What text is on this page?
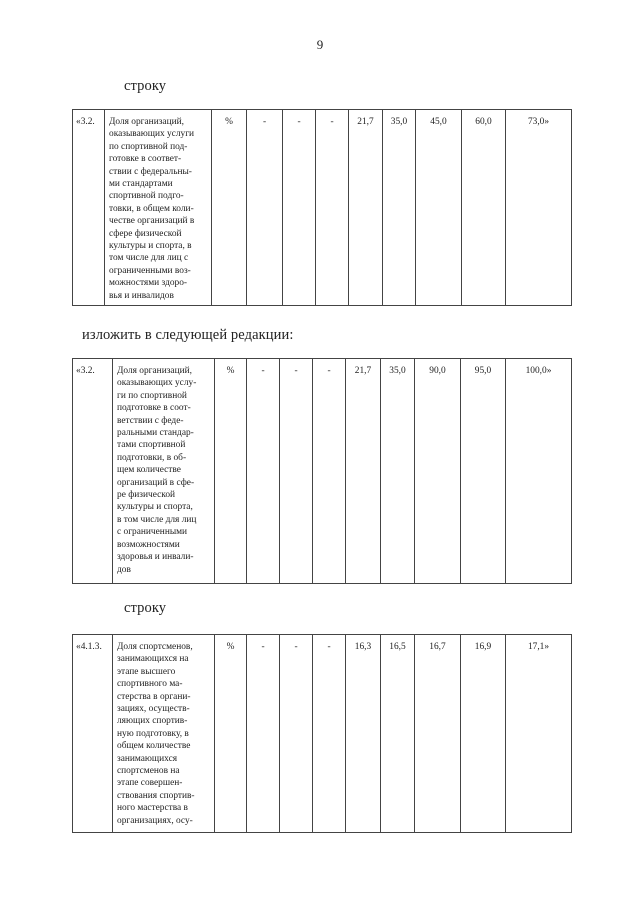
9
строку
«3.2.	Доля организаций,
оказывающих услуги
по спортивной под-
готовке в соответ-
ствии с федеральны-
ми стандартами
спортивной подго-
товки, в общем коли-
честве организаций в
сфере физической
культуры и спорта, в
том числе для лиц с
ограниченными воз-
можностями здоро-
вья и инвалидов
	%	-	-	-	21,7	35,0	45,0	60,0	73,0»
изложить в следующей редакции:
«3.2.	Доля организаций,
оказывающих услу-
ги по спортивной
подготовке в соот-
ветствии с феде-
ральными стандар-
тами спортивной
подготовки, в об-
щем количестве
организаций в сфе-
ре физической
культуры и спорта,
в том числе для лиц
с ограниченными
возможностями
здоровья и инвали-
дов
	%	-	-	-	21,7	35,0	90,0	95,0	100,0»
строку
«4.1.3.	Доля спортсменов,
занимающихся на
этапе высшего
спортивного ма-
стерства в органи-
зациях, осуществ-
ляющих спортив-
ную подготовку, в
общем количестве
занимающихся
спортсменов на
этапе совершен-
ствования спортив-
ного мастерства в
организациях, осу-
	%	-	-	-	16,3	16,5	16,7	16,9	17,1»
